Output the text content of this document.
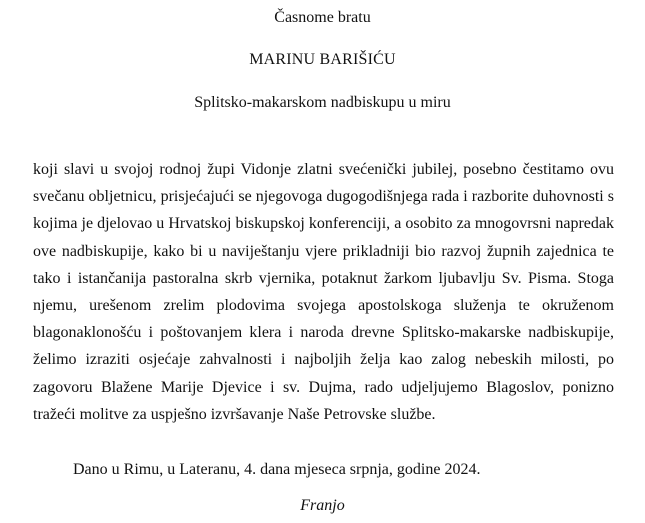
Časnome bratu
MARINU BARIŠIĆU
Splitsko-makarskom nadbiskupu u miru
koji slavi u svojoj rodnoj župi Vidonje zlatni svećenički jubilej, posebno čestitamo ovu svečanu obljetnicu, prisjećajući se njegovoga dugogodišnjega rada i razborite duhovnosti s kojima je djelovao u Hrvatskoj biskupskoj konferenciji, a osobito za mnogovrsni napredak ove nadbiskupije, kako bi u naviještanju vjere prikladniji bio razvoj župnih zajednica te tako i istančanija pastoralna skrb vjernika, potaknut žarkom ljubavlju Sv. Pisma. Stoga njemu, urešenom zrelim plodovima svojega apostolskoga služenja te okruženom blagonaklonošću i poštovanjem klera i naroda drevne Splitsko-makarske nadbiskupije, želimo izraziti osjećaje zahvalnosti i najboljih želja kao zalog nebeskih milosti, po zagovoru Blažene Marije Djevice i sv. Dujma, rado udjeljujemo Blagoslov, ponizno tražeći molitve za uspješno izvršavanje Naše Petrovske službe.
Dano u Rimu, u Lateranu, 4. dana mjeseca srpnja, godine 2024.
Franjo
